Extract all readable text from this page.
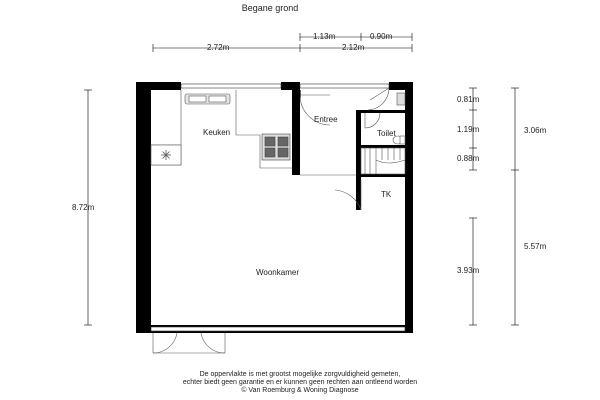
Begane grond
2.72m
1.13m	0.90m
2.12m
8.72m
0.81m
1.19m
0.88m
3.93m
3.06m
5.57m
Keuken
Entree
Toilet
TK
Woonkamer
De oppervlakte is met grootst mogelijke zorgvuldigheid gemeten,
echter biedt geen garantie en er kunnen geen rechten aan ontleend worden
© Van Roemburg & Woning Diagnose
